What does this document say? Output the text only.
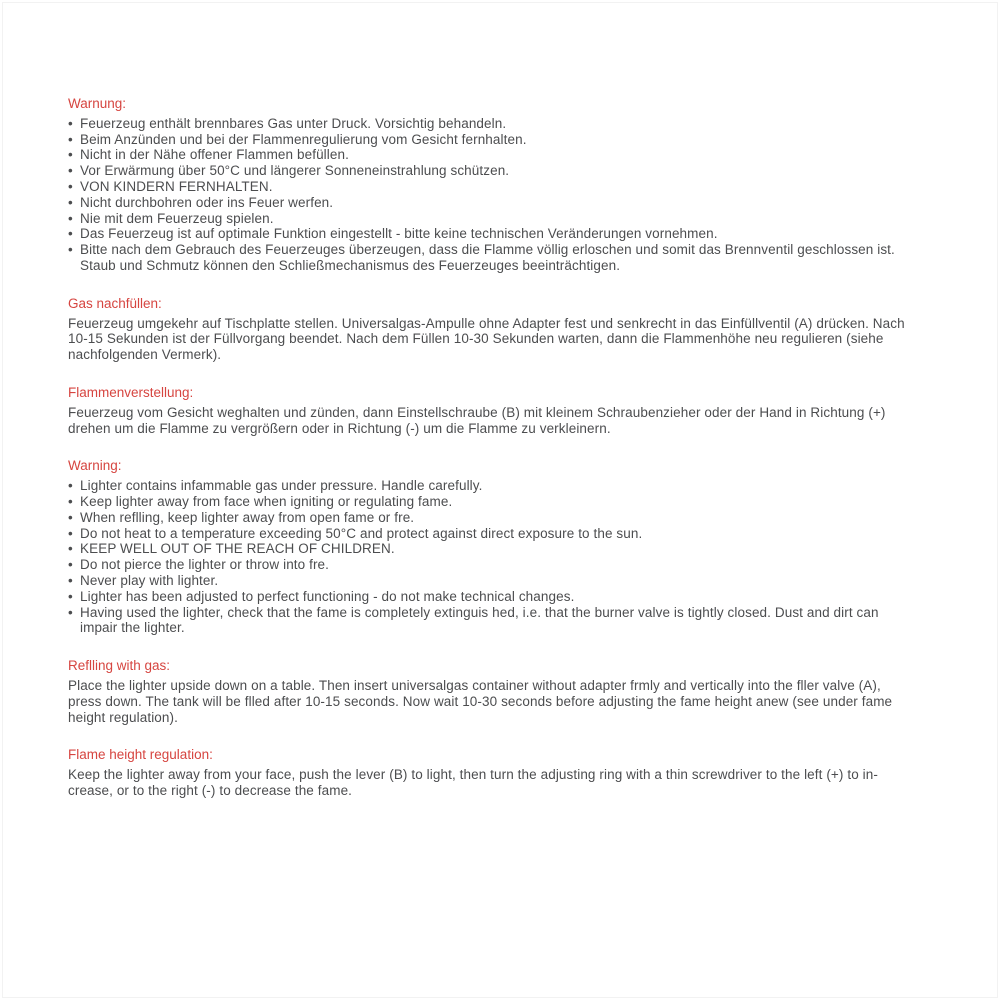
Warnung:
• Feuerzeug enthält brennbares Gas unter Druck. Vorsichtig behandeln.
• Beim Anzünden und bei der Flammenregulierung vom Gesicht fernhalten.
• Nicht in der Nähe offener Flammen befüllen.
• Vor Erwärmung über 50°C und längerer Sonneneinstrahlung schützen.
• VON KINDERN FERNHALTEN.
• Nicht durchbohren oder ins Feuer werfen.
• Nie mit dem Feuerzeug spielen.
• Das Feuerzeug ist auf optimale Funktion eingestellt - bitte keine technischen Veränderungen vornehmen.
• Bitte nach dem Gebrauch des Feuerzeuges überzeugen, dass die Flamme völlig erloschen und somit das Brennventil geschlossen ist. Staub und Schmutz können den Schließmechanismus des Feuerzeuges beeinträchtigen.
Gas nachfüllen:

Feuerzeug umgekehr auf Tischplatte stellen. Universalgas-Ampulle ohne Adapter fest und senkrecht in das Einfüllventil (A) drücken. Nach 10-15 Sekunden ist der Füllvorgang beendet. Nach dem Füllen 10-30 Sekunden warten, dann die Flammenhöhe neu regulieren (siehe nachfolgenden Vermerk).

Flammenverstellung:

Feuerzeug vom Gesicht weghalten und zünden, dann Einstellschraube (B) mit kleinem Schraubenzieher oder der Hand in Richtung (+) drehen um die Flamme zu vergrößern oder in Richtung (-) um die Flamme zu verkleinern.

Warning:
• Lighter contains infammable gas under pressure. Handle carefully.
• Keep lighter away from face when igniting or regulating fame.
• When reflling, keep lighter away from open fame or fre.
• Do not heat to a temperature exceeding 50°C and protect against direct exposure to the sun.
• KEEP WELL OUT OF THE REACH OF CHILDREN.
• Do not pierce the lighter or throw into fre.
• Never play with lighter.
• Lighter has been adjusted to perfect functioning - do not make technical changes.
• Having used the lighter, check that the fame is completely extinguis hed, i.e. that the burner valve is tightly closed. Dust and dirt can impair the lighter.
Reflling with gas:

Place the lighter upside down on a table. Then insert universalgas container without adapter frmly and vertically into the fller valve (A), press down. The tank will be flled after 10-15 seconds. Now wait 10-30 seconds before adjusting the fame height anew (see under fame height regulation).

Flame height regulation:

Keep the lighter away from your face, push the lever (B) to light, then turn the adjusting ring with a thin screwdriver to the left (+) to in- crease, or to the right (-) to decrease the fame.
